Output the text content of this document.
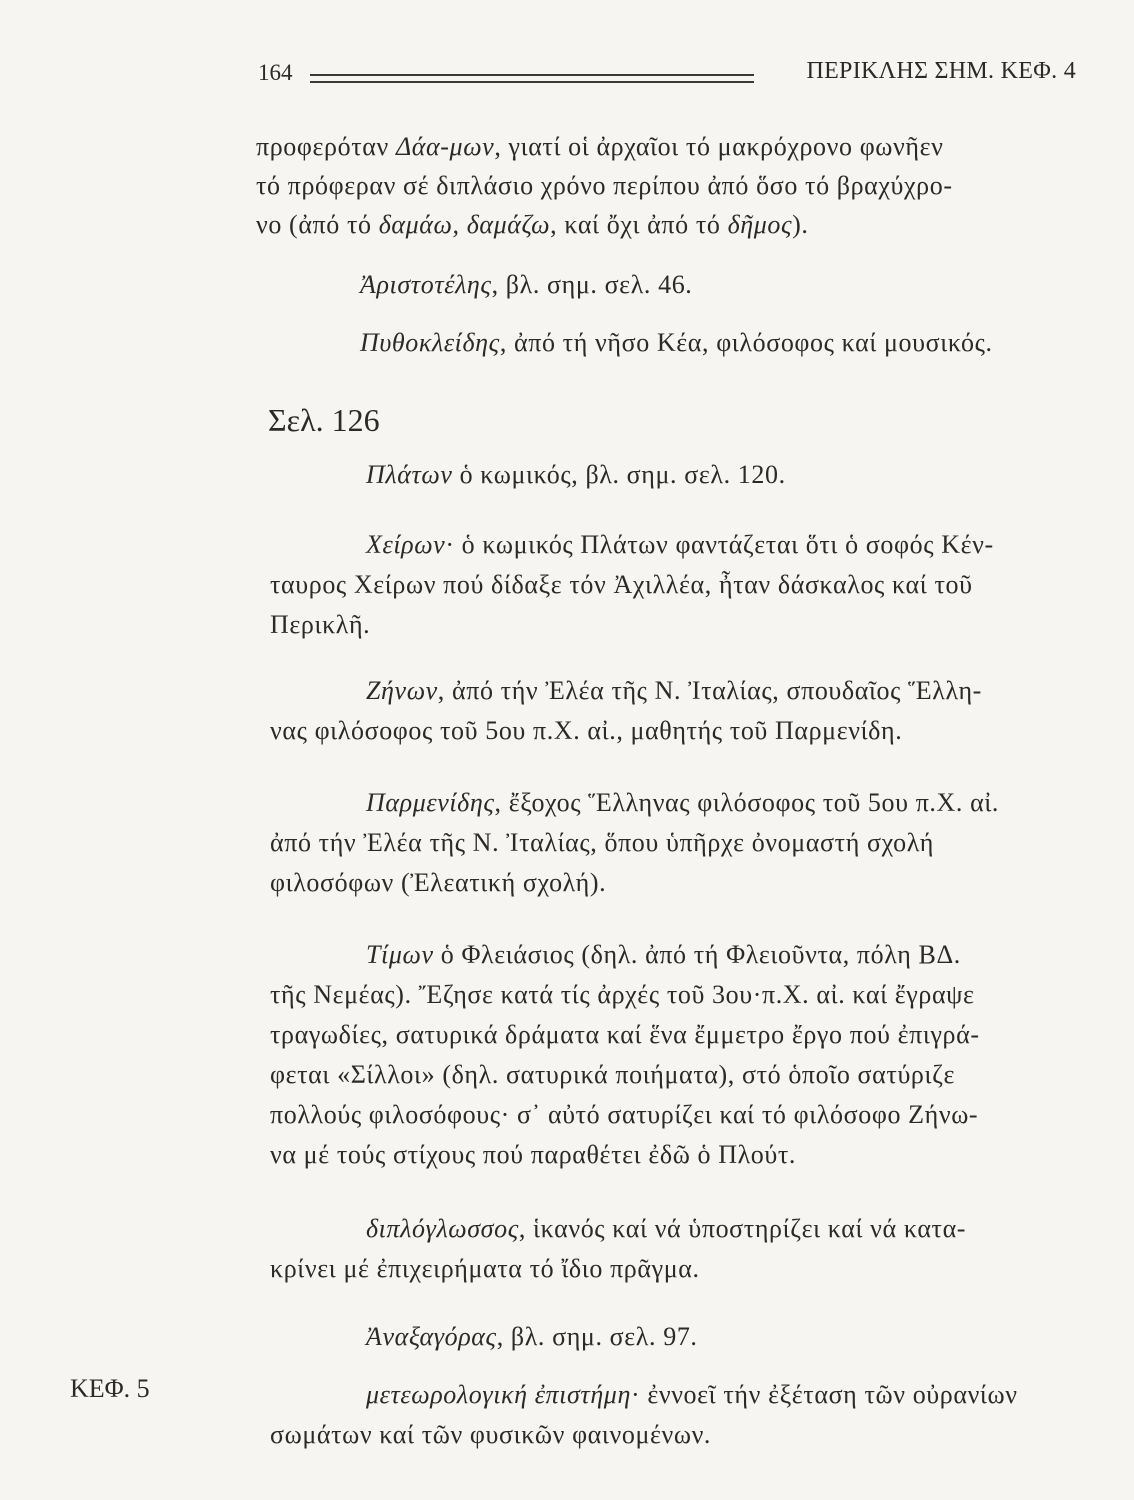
164	ΠΕΡΙΚΛΗΣ ΣΗΜ. ΚΕΦ. 4
προφερόταν Δάα-μων, γιατί οἱ ἀρχαῖοι τό μακρόχρονο φωνῆεν
τό πρόφεραν σέ διπλάσιο χρόνο περίπου ἀπό ὅσο τό βραχύχρο-
νο (ἀπό τό δαμάω, δαμάζω, καί ὄχι ἀπό τό δῆμος).
Ἀριστοτέλης, βλ. σημ. σελ. 46.
Πυθοκλείδης, ἀπό τή νῆσο Κέα, φιλόσοφος καί μουσικός.
Πλάτων ὁ κωμικός, βλ. σημ. σελ. 120.
Χείρων· ὁ κωμικός Πλάτων φαντάζεται ὅτι ὁ σοφός Κέν-
ταυρος Χείρων πού δίδαξε τόν Ἀχιλλέα, ἦταν δάσκαλος καί τοῦ
Περικλῆ.
Ζήνων, ἀπό τήν Ἐλέα τῆς Ν. Ἰταλίας, σπουδαῖος Ἕλλη-
νας φιλόσοφος τοῦ 5ου π.Χ. αἰ., μαθητής τοῦ Παρμενίδη.
Παρμενίδης, ἔξοχος Ἕλληνας φιλόσοφος τοῦ 5ου π.Χ. αἰ.
ἀπό τήν Ἐλέα τῆς Ν. Ἰταλίας, ὅπου ὑπῆρχε ὀνομαστή σχολή
φιλοσόφων (Ἐλεατική σχολή).
Τίμων ὁ Φλειάσιος (δηλ. ἀπό τή Φλειοῦντα, πόλη ΒΔ.
τῆς Νεμέας). Ἔζησε κατά τίς ἀρχές τοῦ 3ου·π.Χ. αἰ. καί ἔγραψε
τραγωδίες, σατυρικά δράματα καί ἕνα ἔμμετρο ἔργο πού ἐπιγρά-
φεται «Σίλλοι» (δηλ. σατυρικά ποιήματα), στό ὁποῖο σατύριζε
πολλούς φιλοσόφους· σ᾽ αὐτό σατυρίζει καί τό φιλόσοφο Ζήνω-
να μέ τούς στίχους πού παραθέτει ἐδῶ ὁ Πλούτ.
διπλόγλωσσος, ἱκανός καί νά ὑποστηρίζει καί νά κατα-
κρίνει μέ ἐπιχειρήματα τό ἴδιο πρᾶγμα.
Ἀναξαγόρας, βλ. σημ. σελ. 97.
μετεωρολογική ἐπιστήμη· ἐννοεῖ τήν ἐξέταση τῶν οὐρανίων
σωμάτων καί τῶν φυσικῶν φαινομένων.
Σελ. 126
ΚΕΦ. 5
